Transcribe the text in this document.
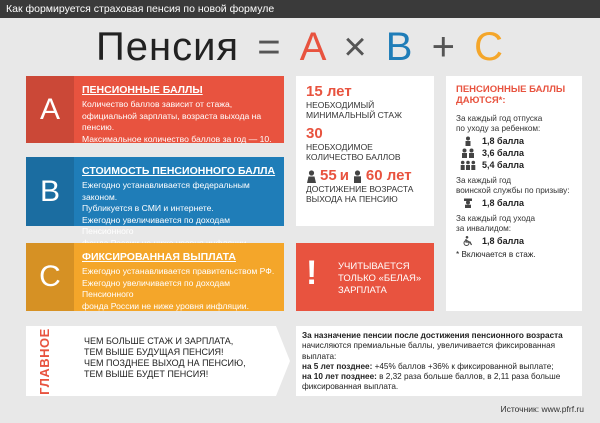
Как формируется страховая пенсия по новой формуле
Пенсия = A × B + C
A
ПЕНСИОННЫЕ БАЛЛЫ
Количество баллов зависит от стажа,
официальной зарплаты, возраста выхода на пенсию.
Максимальное количество баллов за год — 10.
B
СТОИМОСТЬ ПЕНСИОННОГО БАЛЛА
Ежегодно устанавливается федеральным законом.
Публикуется в СМИ и интернете.
Ежегодно увеличивается по доходам Пенсионного
C
ФИКСИРОВАННАЯ ВЫПЛАТА
Ежегодно устанавливается правительством РФ.
Ежегодно увеличивается по доходам Пенсионного
фонда России не ниже уровня инфляции.
15 лет
НЕОБХОДИМЫЙ
МИНИМАЛЬНЫЙ СТАЖ
30
НЕОБХОДИМОЕ
КОЛИЧЕСТВО БАЛЛОВ
55 и 60 лет
ДОСТИЖЕНИЕ ВОЗРАСТА
ВЫХОДА НА ПЕНСИЮ
! УЧИТЫВАЕТСЯ
ТОЛЬКО «БЕЛАЯ»
ЗАРПЛАТА
ПЕНСИОННЫЕ БАЛЛЫ
ДАЮТСЯ*:
За каждый год отпуска
по уходу за ребенком:
1,8 балла
3,6 балла
5,4 балла
За каждый год
воинской службы по призыву:
1,8 балла
За каждый год ухода
за инвалидом:
1,8 балла
* Включается в стаж.
ГЛАВНОЕ	ЧЕМ БОЛЬШЕ СТАЖ И ЗАРПЛАТА,
ТЕМ ВЫШЕ БУДУЩАЯ ПЕНСИЯ!
ЧЕМ ПОЗДНЕЕ ВЫХОД НА ПЕНСИЮ,
ТЕМ ВЫШЕ БУДЕТ ПЕНСИЯ!
За назначение пенсии после достижения пенсионного возраста
начисляются премиальные баллы, увеличивается фиксированная выплата:
на 5 лет позднее: +45% баллов +36% к фиксированной выплате;
на 10 лет позднее: в 2,32 раза больше баллов, в 2,11 раза больше
фиксированная выплата.
Источник: www.pfrf.ru
